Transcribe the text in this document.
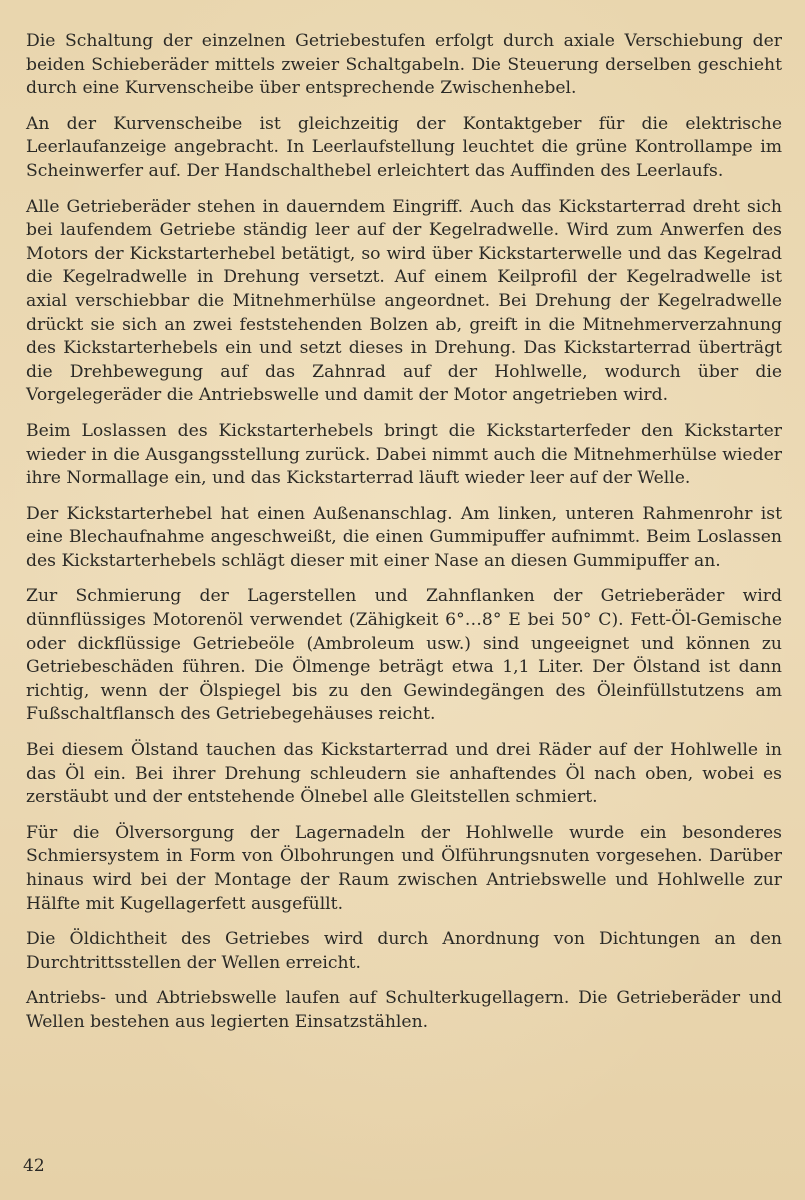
Die Schaltung der einzelnen Getriebestufen erfolgt durch axiale Verschiebung der beiden Schieberäder mittels zweier Schaltgabeln. Die Steuerung derselben geschieht durch eine Kurvenscheibe über entsprechende Zwischenhebel.

An der Kurvenscheibe ist gleichzeitig der Kontaktgeber für die elektrische Leerlaufanzeige angebracht. In Leerlaufstellung leuchtet die grüne Kontrollampe im Scheinwerfer auf. Der Handschalthebel erleichtert das Auffinden des Leerlaufs.

Alle Getrieberäder stehen in dauerndem Eingriff. Auch das Kickstarterrad dreht sich bei laufendem Getriebe ständig leer auf der Kegelradwelle. Wird zum Anwerfen des Motors der Kickstarterhebel betätigt, so wird über Kickstarterwelle und das Kegelrad die Kegelradwelle in Drehung versetzt. Auf einem Keilprofil der Kegelradwelle ist axial verschiebbar die Mitnehmerhülse angeordnet. Bei Drehung der Kegelradwelle drückt sie sich an zwei feststehenden Bolzen ab, greift in die Mitnehmerverzahnung des Kickstarterhebels ein und setzt dieses in Drehung. Das Kickstarterrad überträgt die Drehbewegung auf das Zahnrad auf der Hohlwelle, wodurch über die Vorgelegeräder die Antriebswelle und damit der Motor angetrieben wird.

Beim Loslassen des Kickstarterhebels bringt die Kickstarterfeder den Kickstarter wieder in die Ausgangsstellung zurück. Dabei nimmt auch die Mitnehmerhülse wieder ihre Normallage ein, und das Kickstarterrad läuft wieder leer auf der Welle.

Der Kickstarterhebel hat einen Außenanschlag. Am linken, unteren Rahmenrohr ist eine Blechaufnahme angeschweißt, die einen Gummipuffer aufnimmt. Beim Loslassen des Kickstarterhebels schlägt dieser mit einer Nase an diesen Gummipuffer an.

Zur Schmierung der Lagerstellen und Zahnflanken der Getrieberäder wird dünnflüssiges Motorenöl verwendet (Zähigkeit 6°…8° E bei 50° C). Fett-Öl-Gemische oder dickflüssige Getriebeöle (Ambroleum usw.) sind ungeeignet und können zu Getriebeschäden führen. Die Ölmenge beträgt etwa 1,1 Liter. Der Ölstand ist dann richtig, wenn der Ölspiegel bis zu den Gewindegängen des Öleinfüllstutzens am Fußschaltflansch des Getriebegehäuses reicht.

Bei diesem Ölstand tauchen das Kickstarterrad und drei Räder auf der Hohlwelle in das Öl ein. Bei ihrer Drehung schleudern sie anhaftendes Öl nach oben, wobei es zerstäubt und der entstehende Ölnebel alle Gleitstellen schmiert.

Für die Ölversorgung der Lagernadeln der Hohlwelle wurde ein besonderes Schmiersystem in Form von Ölbohrungen und Ölführungsnuten vorgesehen. Darüber hinaus wird bei der Montage der Raum zwischen Antriebswelle und Hohlwelle zur Hälfte mit Kugellagerfett ausgefüllt.

Die Öldichtheit des Getriebes wird durch Anordnung von Dichtungen an den Durchtrittsstellen der Wellen erreicht.

Antriebs- und Abtriebswelle laufen auf Schulterkugellagern. Die Getrieberäder und Wellen bestehen aus legierten Einsatzstählen.

42
